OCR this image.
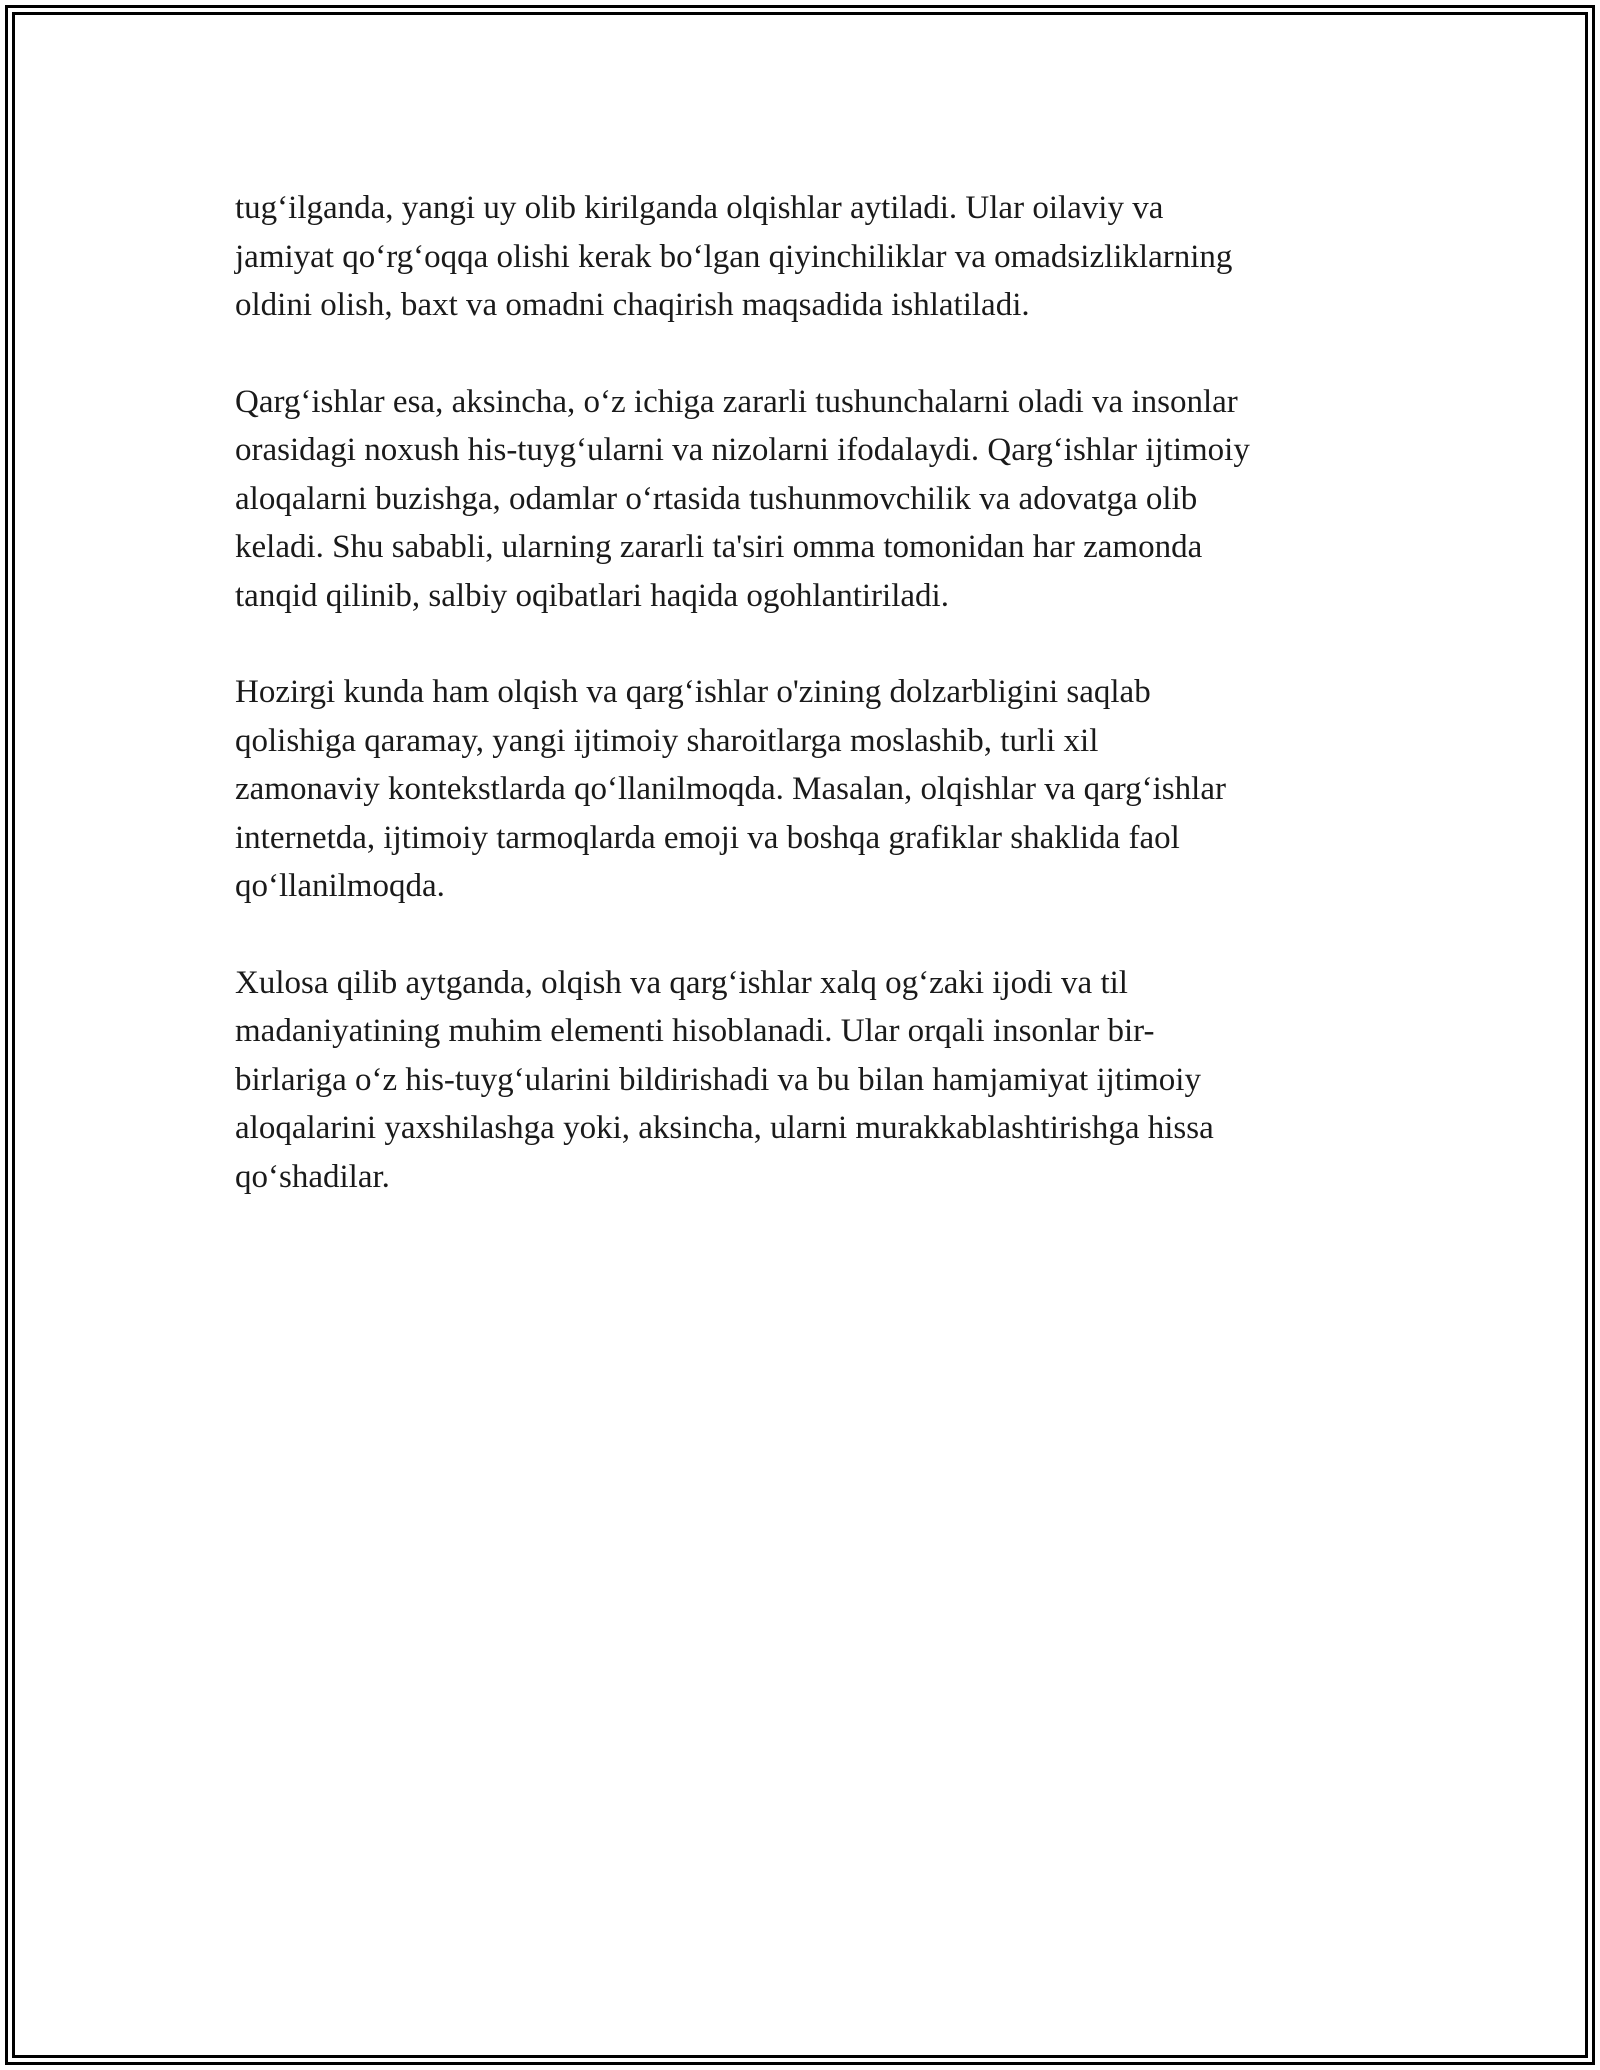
tug‘ilganda, yangi uy olib kirilganda olqishlar aytiladi. Ular oilaviy va
jamiyat qo‘rg‘oqqa olishi kerak bo‘lgan qiyinchiliklar va omadsizliklarning
oldini olish, baxt va omadni chaqirish maqsadida ishlatiladi.

Qarg‘ishlar esa, aksincha, o‘z ichiga zararli tushunchalarni oladi va insonlar
orasidagi noxush his-tuyg‘ularni va nizolarni ifodalaydi. Qarg‘ishlar ijtimoiy
aloqalarni buzishga, odamlar o‘rtasida tushunmovchilik va adovatga olib
keladi. Shu sababli, ularning zararli ta'siri omma tomonidan har zamonda
tanqid qilinib, salbiy oqibatlari haqida ogohlantiriladi.

Hozirgi kunda ham olqish va qarg‘ishlar o'zining dolzarbligini saqlab
qolishiga qaramay, yangi ijtimoiy sharoitlarga moslashib, turli xil
zamonaviy kontekstlarda qo‘llanilmoqda. Masalan, olqishlar va qarg‘ishlar
internetda, ijtimoiy tarmoqlarda emoji va boshqa grafiklar shaklida faol
qo‘llanilmoqda.

Xulosa qilib aytganda, olqish va qarg‘ishlar xalq og‘zaki ijodi va til
madaniyatining muhim elementi hisoblanadi. Ular orqali insonlar bir-
birlariga o‘z his-tuyg‘ularini bildirishadi va bu bilan hamjamiyat ijtimoiy
aloqalarini yaxshilashga yoki, aksincha, ularni murakkablashtirishga hissa
qo‘shadilar.
